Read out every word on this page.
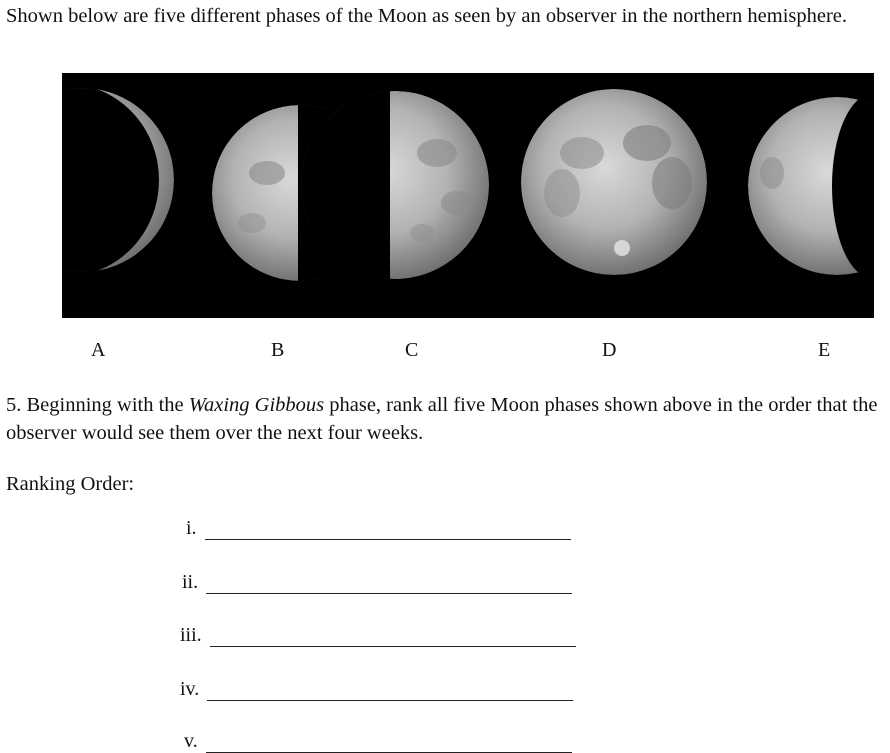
Shown below are five different phases of the Moon as seen by an observer in the northern hemisphere.

A	B	C	D	E

5. Beginning with the Waxing Gibbous phase, rank all five Moon phases shown above in the order that the observer would see them over the next four weeks.

Ranking Order:

i.
ii.
iii.
iv.
v.
